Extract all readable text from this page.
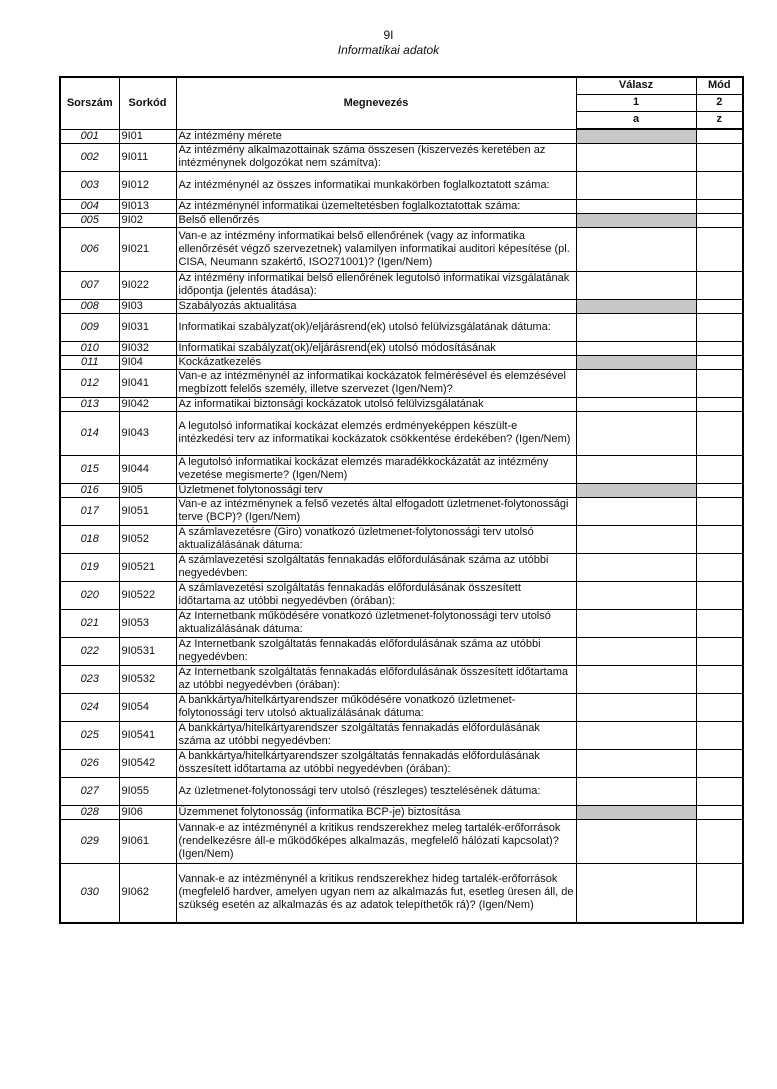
9I
Informatikai adatok
Sorszám	Sorkód	Megnevezés	Válasz	Mód
			1	2
			a	z
001	9I01	Az intézmény mérete		
002	9I011	Az intézmény alkalmazottainak száma összesen (kiszervezés keretében az intézménynek dolgozókat nem számítva):		
003	9I012	Az intézménynél az összes informatikai munkakörben foglalkoztatott száma:		
004	9I013	Az intézménynél informatikai üzemeltetésben foglalkoztatottak száma:		
005	9I02	Belső ellenőrzés		
006	9I021	Van-e az intézmény informatikai belső ellenőrének (vagy az informatika ellenőrzését végző szervezetnek) valamilyen informatikai auditori képesítése (pl. CISA, Neumann szakértő, ISO271001)? (Igen/Nem)		
007	9I022	Az intézmény informatikai belső ellenőrének legutolsó informatikai vizsgálatának időpontja (jelentés átadása):		
008	9I03	Szabályozás aktualitása		
009	9I031	Informatikai szabályzat(ok)/eljárásrend(ek) utolsó felülvizsgálatának dátuma:		
010	9I032	Informatikai szabályzat(ok)/eljárásrend(ek) utolsó módosításának		
011	9I04	Kockázatkezelés		
012	9I041	Van-e az intézménynél az informatikai kockázatok felmérésével és elemzésével megbízott felelős személy, illetve szervezet (Igen/Nem)?		
013	9I042	Az informatikai biztonsági kockázatok utolsó felülvizsgálatának		
014	9I043	A legutolsó informatikai kockázat elemzés erdményeképpen készült-e intézkedési terv az informatikai kockázatok csökkentése érdekében? (Igen/Nem)		
015	9I044	A legutolsó informatikai kockázat elemzés maradékkockázatát az intézmény vezetése megismerte? (Igen/Nem)		
016	9I05	Üzletmenet folytonossági terv		
017	9I051	Van-e az intézménynek a felső vezetés által elfogadott üzletmenet-folytonossági terve (BCP)? (Igen/Nem)		
018	9I052	A számlavezetésre (Giro) vonatkozó üzletmenet-folytonossági terv utolsó aktualizálásának dátuma:		
019	9I0521	A számlavezetési szolgáltatás fennakadás előfordulásának száma az utóbbi negyedévben:		
020	9I0522	A számlavezetési szolgáltatás fennakadás előfordulásának összesített időtartama az utóbbi negyedévben (órában):		
021	9I053	Az Internetbank működésére vonatkozó üzletmenet-folytonossági terv utolsó aktualizálásának dátuma:		
022	9I0531	Az Internetbank szolgáltatás fennakadás előfordulásának száma az utóbbi negyedévben:		
023	9I0532	Az Internetbank szolgáltatás fennakadás előfordulásának összesített időtartama az utóbbi negyedévben (órában):		
024	9I054	A bankkártya/hitelkártyarendszer működésére vonatkozó üzletmenet-folytonossági terv utolsó aktualizálásának dátuma:		
025	9I0541	A bankkártya/hitelkártyarendszer szolgáltatás fennakadás előfordulásának száma az utóbbi negyedévben:		
026	9I0542	A bankkártya/hitelkártyarendszer szolgáltatás fennakadás előfordulásának összesített időtartama az utóbbi negyedévben (órában):		
027	9I055	Az üzletmenet-folytonossági terv utolsó (részleges) tesztelésének dátuma:		
028	9I06	Üzemmenet folytonosság (informatika BCP-je) biztosítása		
029	9I061	Vannak-e az intézménynél a kritikus rendszerekhez meleg tartalék-erőforrások (rendelkezésre áll-e működőképes alkalmazás, megfelelő hálózati kapcsolat)? (Igen/Nem)		
030	9I062	Vannak-e az intézménynél a kritikus rendszerekhez hideg tartalék-erőforrások (megfelelő hardver, amelyen ugyan nem az alkalmazás fut, esetleg üresen áll, de szükség esetén az alkalmazás és az adatok telepíthetők rá)? (Igen/Nem)		
